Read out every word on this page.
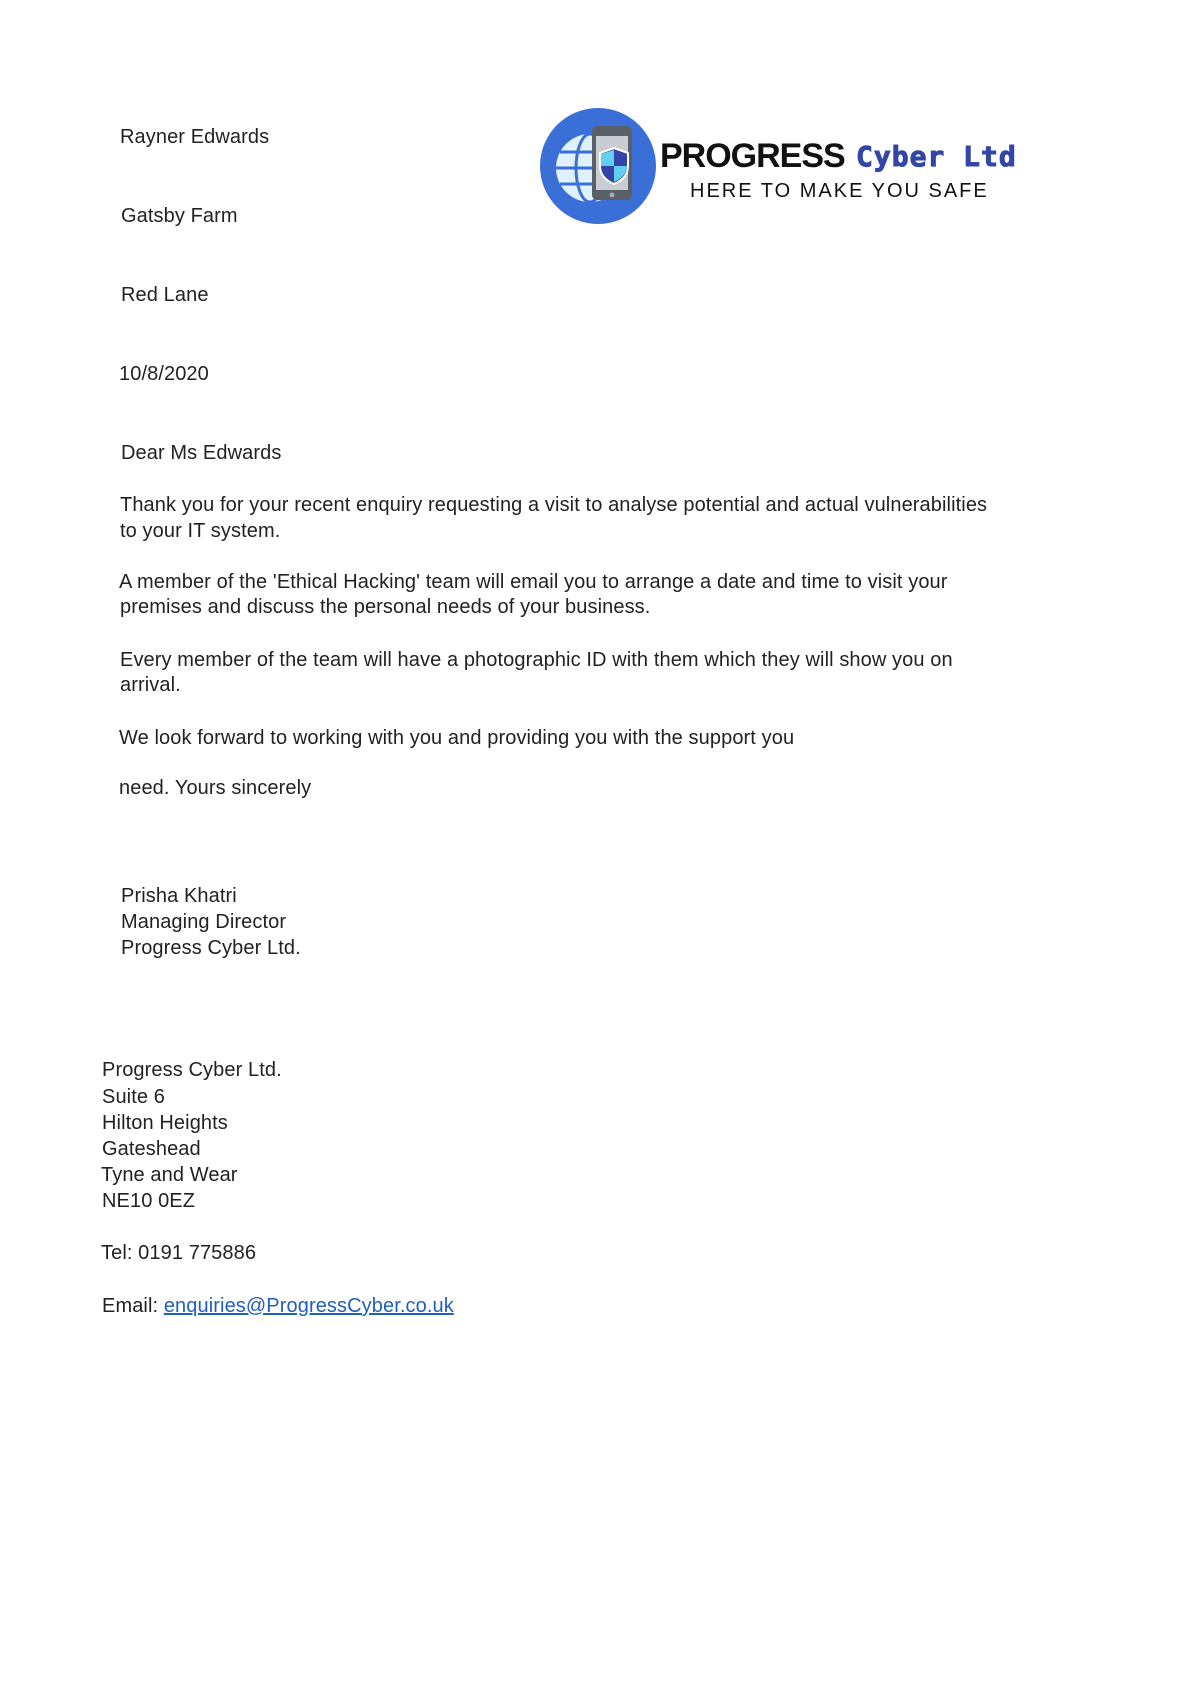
PROGRESS Cyber Ltd
HERE TO MAKE YOU SAFE
Rayner Edwards
Gatsby Farm
Red Lane
10/8/2020
Dear Ms Edwards
Thank you for your recent enquiry requesting a visit to analyse potential and actual vulnerabilities
to your IT system.
A member of the 'Ethical Hacking' team will email you to arrange a date and time to visit your
premises and discuss the personal needs of your business.
Every member of the team will have a photographic ID with them which they will show you on
arrival.
We look forward to working with you and providing you with the support you
need. Yours sincerely
Prisha Khatri
Managing Director
Progress Cyber Ltd.
Progress Cyber Ltd.
Suite 6
Hilton Heights
Gateshead
Tyne and Wear
NE10 0EZ
Tel: 0191 775886
Email: enquiries@ProgressCyber.co.uk
